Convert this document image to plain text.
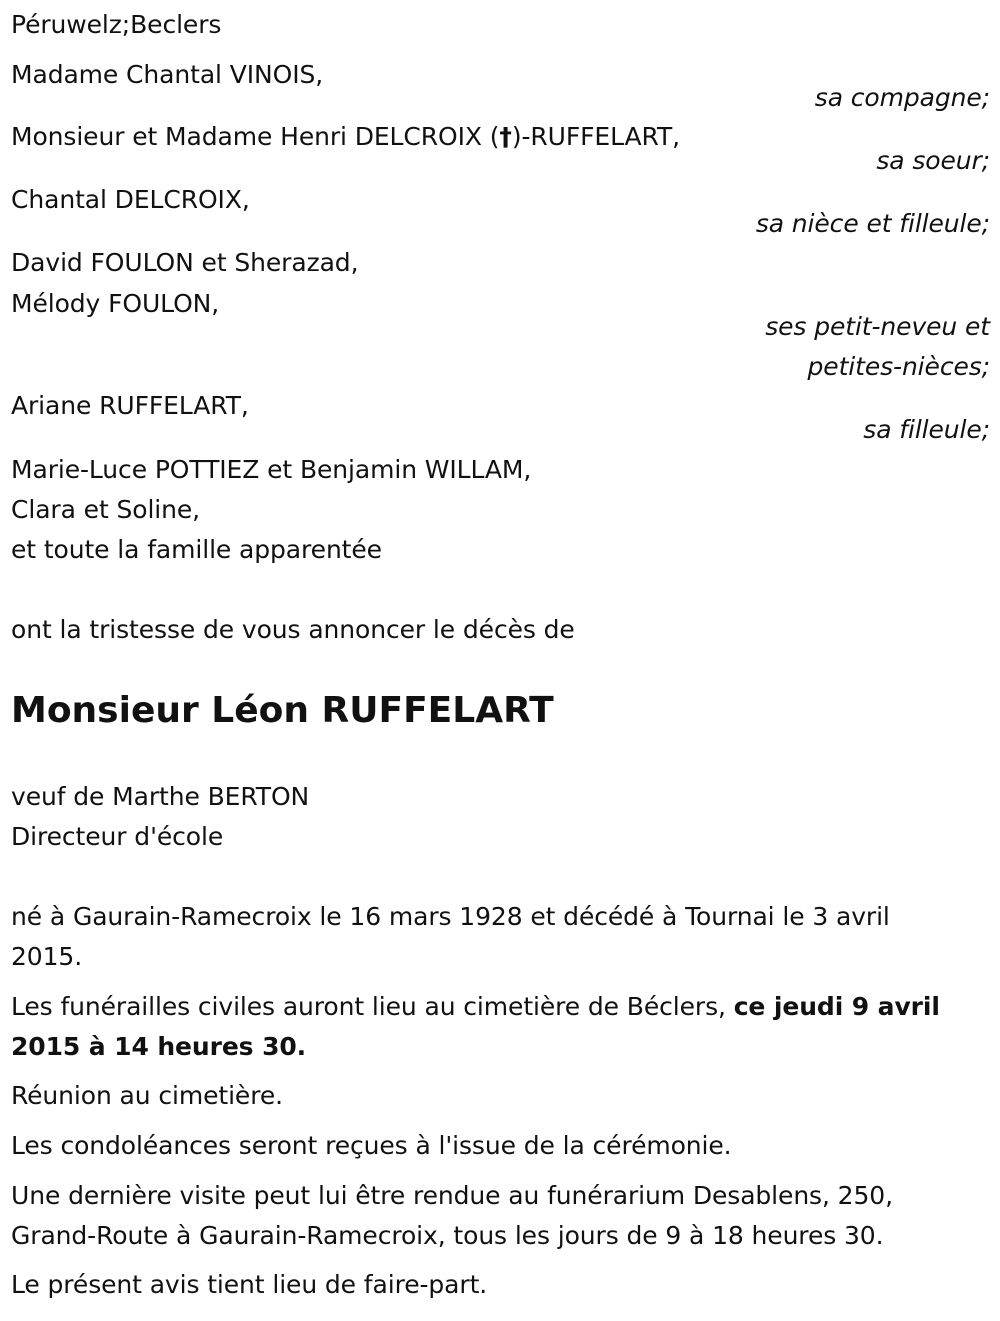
Péruwelz;Beclers
Madame Chantal VINOIS,
sa compagne;
Monsieur et Madame Henri DELCROIX (†)-RUFFELART,
sa soeur;
Chantal DELCROIX,
sa nièce et filleule;
David FOULON et Sherazad,
Mélody FOULON,
ses petit-neveu et
petites-nièces;
Ariane RUFFELART,
sa filleule;
Marie-Luce POTTIEZ et Benjamin WILLAM,
Clara et Soline,
et toute la famille apparentée
ont la tristesse de vous annoncer le décès de
Monsieur Léon RUFFELART
veuf de Marthe BERTON
Directeur d'école
né à Gaurain-Ramecroix le 16 mars 1928 et décédé à Tournai le 3 avril
2015.
Les funérailles civiles auront lieu au cimetière de Béclers, ce jeudi 9 avril
2015 à 14 heures 30.
Réunion au cimetière.
Les condoléances seront reçues à l'issue de la cérémonie.
Une dernière visite peut lui être rendue au funérarium Desablens, 250,
Grand-Route à Gaurain-Ramecroix, tous les jours de 9 à 18 heures 30.
Le présent avis tient lieu de faire-part.
